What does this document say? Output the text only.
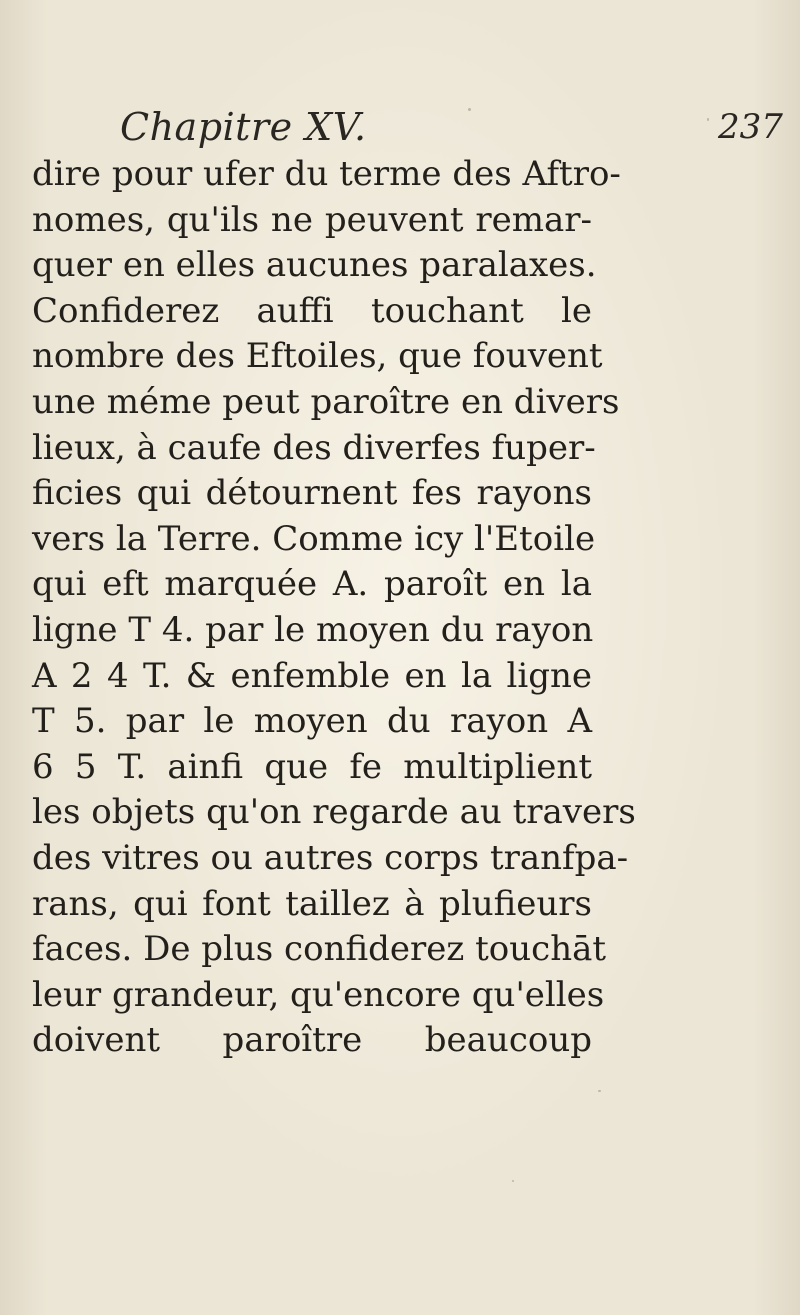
Chapitre XV.	237
dire pour ufer du terme des Aftro-
nomes, qu'ils ne peuvent remar-
quer en elles aucunes paralaxes.
Confiderez auffi touchant le
nombre des Eftoiles, que fouvent
une méme peut paroître en divers
lieux, à caufe des diverfes fuper-
ficies qui détournent fes rayons
vers la Terre. Comme icy l'Etoile
qui eft marquée A. paroît en la
ligne T 4. par le moyen du rayon
A 2 4 T. & enfemble en la ligne
T 5. par le moyen du rayon A
6 5 T. ainfi que fe multiplient
les objets qu'on regarde au travers
des vitres ou autres corps tranfpa-
rans, qui font taillez à plufieurs
faces. De plus confiderez touchāt
leur grandeur, qu'encore qu'elles
doivent paroître beaucoup
